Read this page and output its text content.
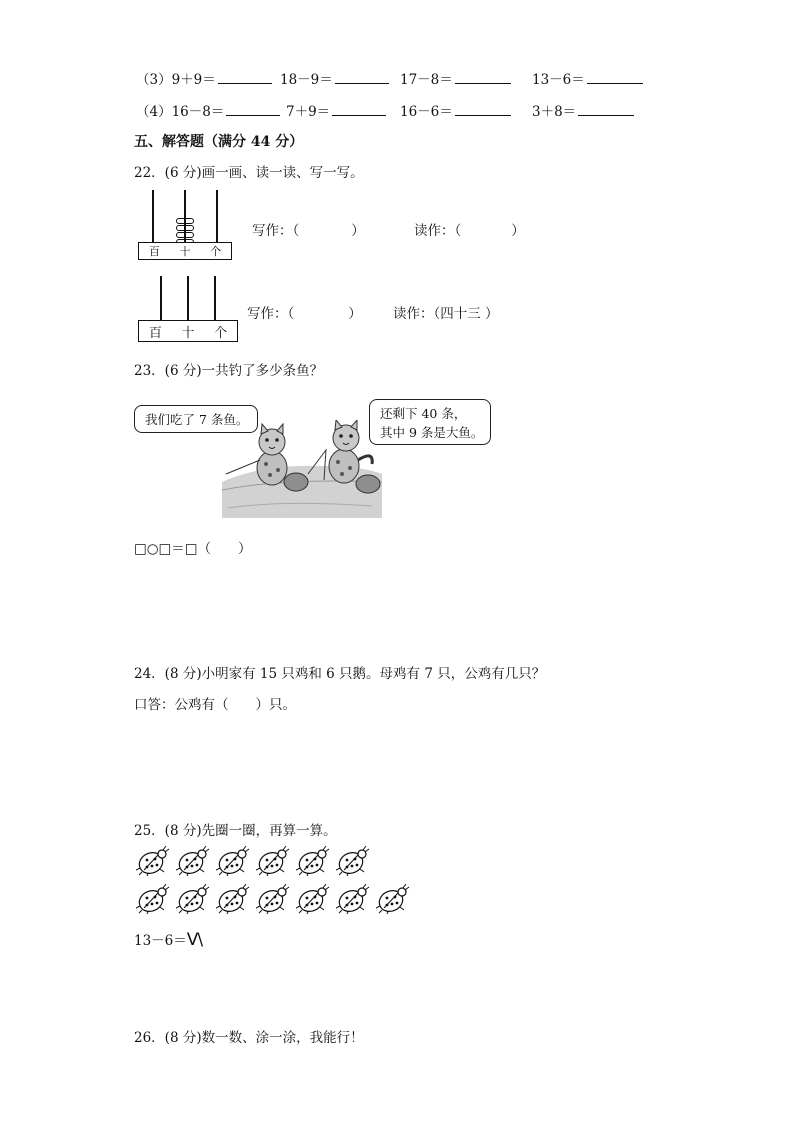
（3）9＋9＝	18－9＝	17－8＝	13－6＝
（4）16－8＝	7＋9＝	16－6＝	3＋8＝
五、解答题（满分 44 分）
22．(6 分)画一画、读一读、写一写。
百 十 个
写作：（	）	读作：（	）
百 十 个
写作：（	） 读作：（四十三 ）
23．(6 分)一共钓了多少条鱼？
我们吃了 7 条鱼。	还剩下 40 条，
其中 9 条是大鱼。
□○□＝□（　　）
24．(8 分)小明家有 15 只鸡和 6 只鹅。母鸡有 7 只，公鸡有几只？
口答：公鸡有（　　）只。
25．(8 分)先圈一圈，再算一算。
13－6＝V\
26．(8 分)数一数、涂一涂，我能行！
